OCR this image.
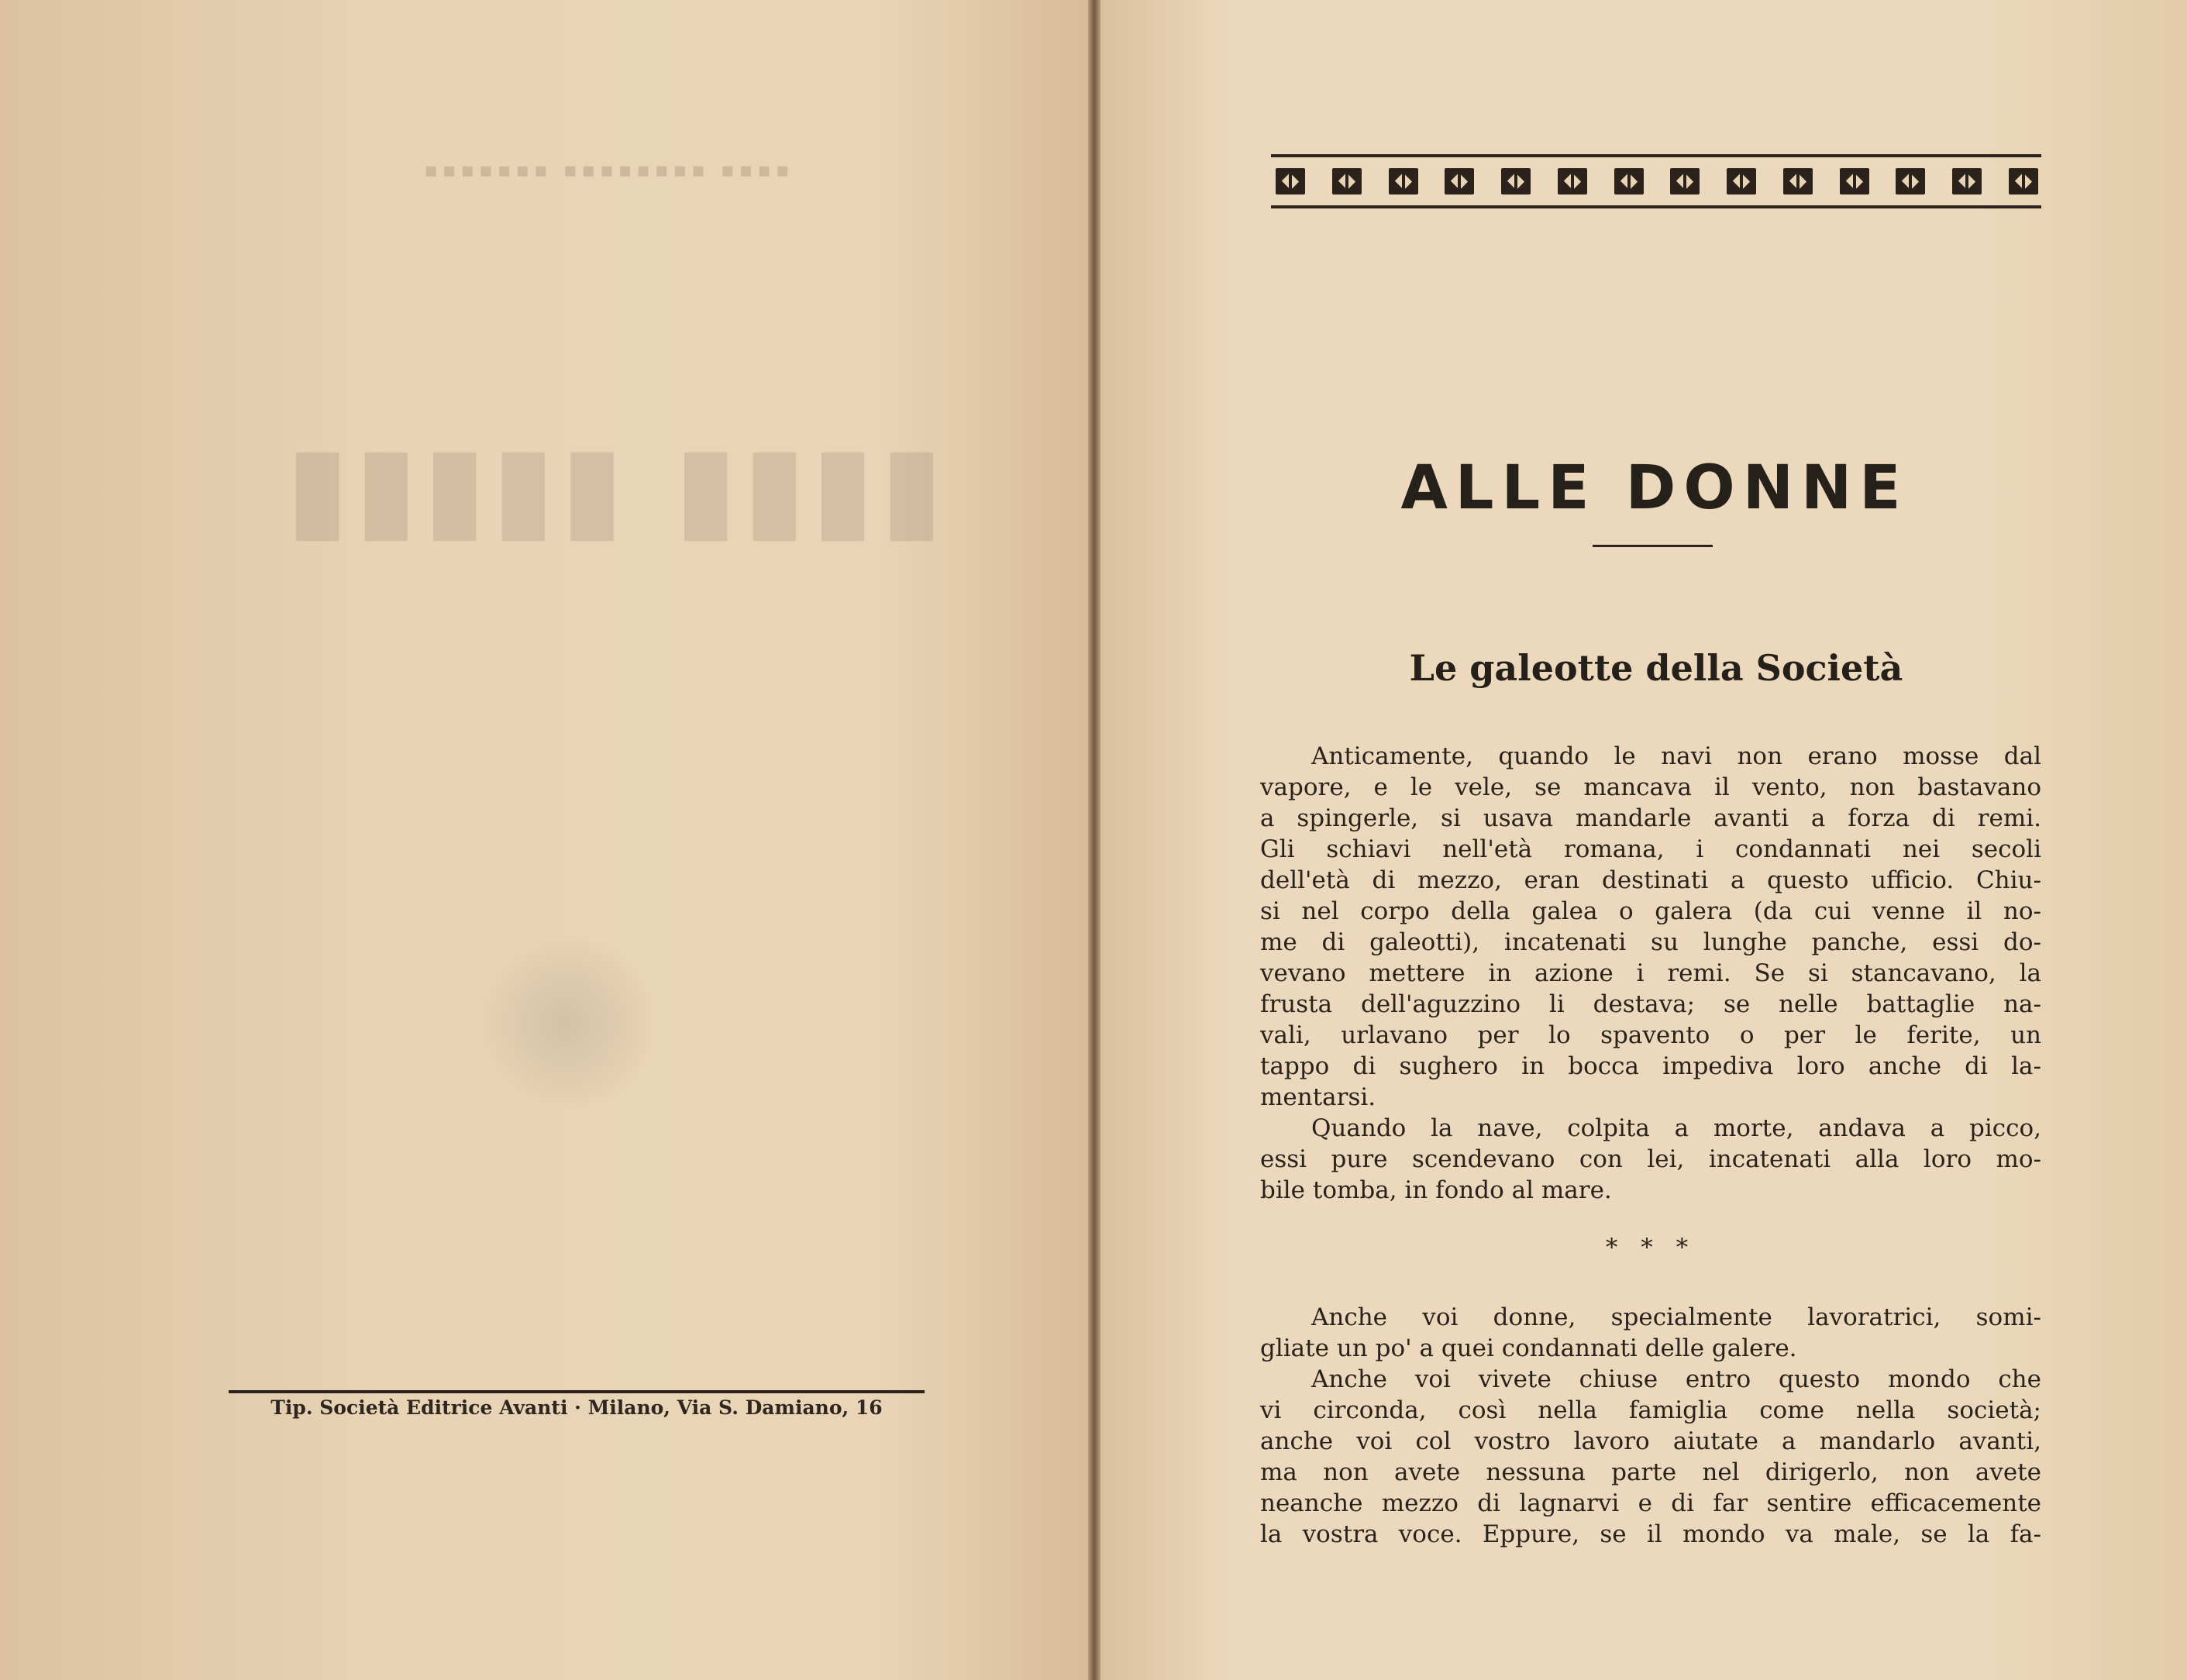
▪▪▪▪ ▪▪▪▪▪▪▪▪ ▪▪▪▪▪▪▪
▮▮▮▮ ▮▮▮▮▮
Tip. Società Editrice Avanti · Milano, Via S. Damiano, 16
ALLE DONNE
Le galeotte della Società
Anticamente, quando le navi non erano mosse dal
vapore, e le vele, se mancava il vento, non bastavano
a spingerle, si usava mandarle avanti a forza di remi.
Gli schiavi nell'età romana, i condannati nei secoli
dell'età di mezzo, eran destinati a questo ufficio. Chiu-
si nel corpo della galea o galera (da cui venne il no-
me di galeotti), incatenati su lunghe panche, essi do-
vevano mettere in azione i remi. Se si stancavano, la
frusta dell'aguzzino li destava; se nelle battaglie na-
vali, urlavano per lo spavento o per le ferite, un
tappo di sughero in bocca impediva loro anche di la-
mentarsi.
Quando la nave, colpita a morte, andava a picco,
essi pure scendevano con lei, incatenati alla loro mo-
bile tomba, in fondo al mare.
* * *
Anche voi donne, specialmente lavoratrici, somi-
gliate un po' a quei condannati delle galere.
Anche voi vivete chiuse entro questo mondo che
vi circonda, così nella famiglia come nella società;
anche voi col vostro lavoro aiutate a mandarlo avanti,
ma non avete nessuna parte nel dirigerlo, non avete
neanche mezzo di lagnarvi e di far sentire efficacemente
la vostra voce. Eppure, se il mondo va male, se la fa-
